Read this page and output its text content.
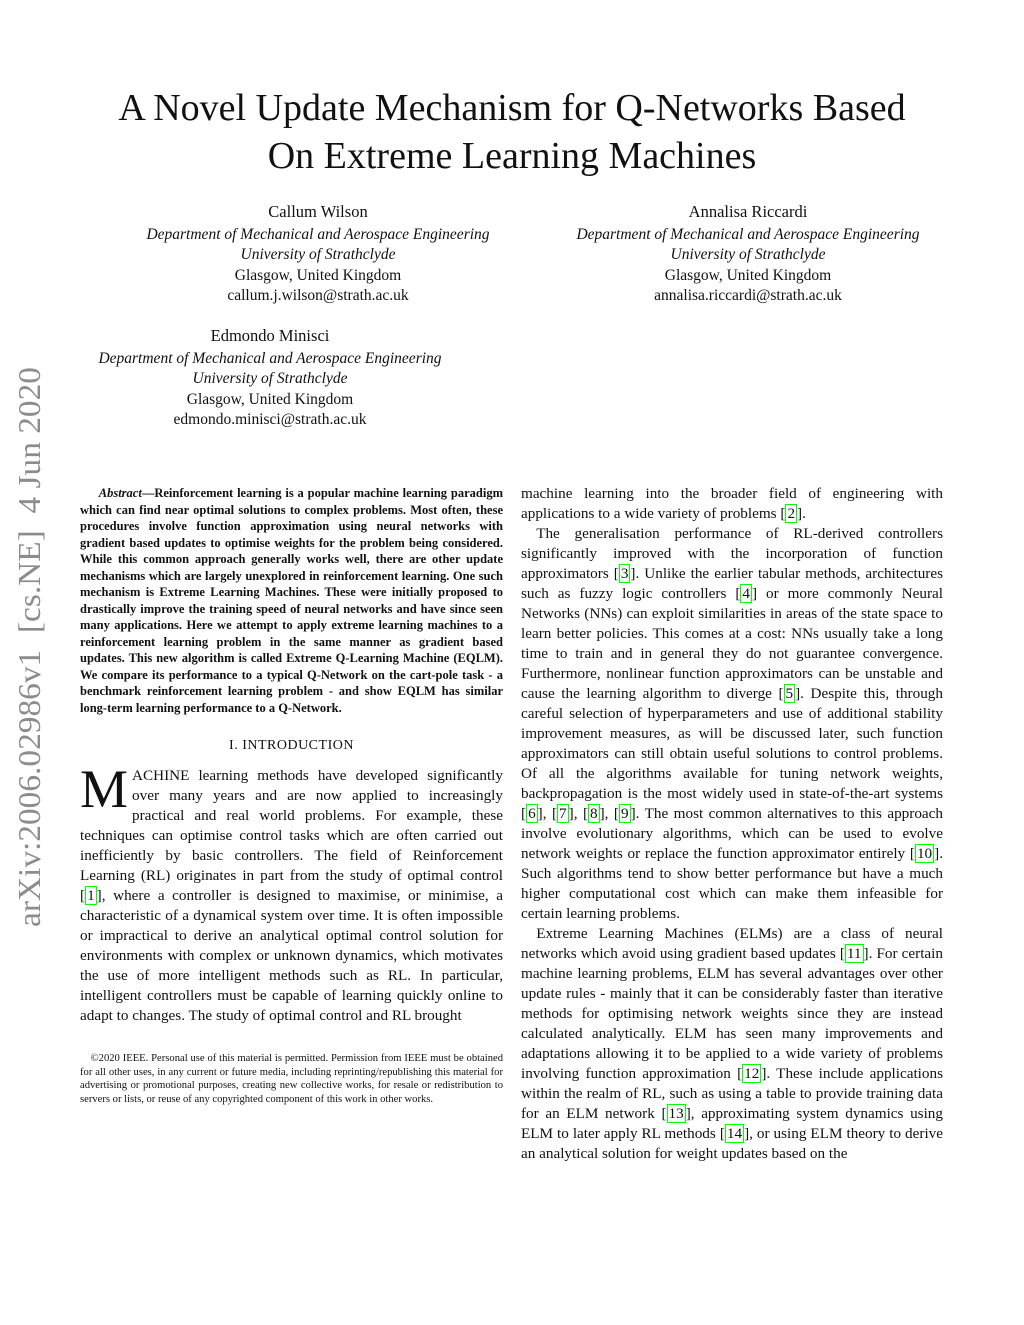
arXiv:2006.02986v1  [cs.NE]  4 Jun 2020
A Novel Update Mechanism for Q-Networks Based
On Extreme Learning Machines
Callum Wilson
Department of Mechanical and Aerospace Engineering
University of Strathclyde
Glasgow, United Kingdom
callum.j.wilson@strath.ac.uk
Annalisa Riccardi
Department of Mechanical and Aerospace Engineering
University of Strathclyde
Glasgow, United Kingdom
annalisa.riccardi@strath.ac.uk
Edmondo Minisci
Department of Mechanical and Aerospace Engineering
University of Strathclyde
Glasgow, United Kingdom
edmondo.minisci@strath.ac.uk

Abstract—Reinforcement learning is a popular machine learning paradigm which can find near optimal solutions to complex problems. Most often, these procedures involve function approximation using neural networks with gradient based updates to optimise weights for the problem being considered. While this common approach generally works well, there are other update mechanisms which are largely unexplored in reinforcement learning. One such mechanism is Extreme Learning Machines. These were initially proposed to drastically improve the training speed of neural networks and have since seen many applications. Here we attempt to apply extreme learning machines to a reinforcement learning problem in the same manner as gradient based updates. This new algorithm is called Extreme Q-Learning Machine (EQLM). We compare its performance to a typical Q-Network on the cart-pole task - a benchmark reinforcement learning problem - and show EQLM has similar long-term learning performance to a Q-Network.

I. INTRODUCTION

MACHINE learning methods have developed significantly over many years and are now applied to increasingly practical and real world problems. For example, these techniques can optimise control tasks which are often carried out inefficiently by basic controllers. The field of Reinforcement Learning (RL) originates in part from the study of optimal control [ 1 ], where a controller is designed to maximise, or minimise, a characteristic of a dynamical system over time. It is often impossible or impractical to derive an analytical optimal control solution for environments with complex or unknown dynamics, which motivates the use of more intelligent methods such as RL. In particular, intelligent controllers must be capable of learning quickly online to adapt to changes. The study of optimal control and RL brought

©2020 IEEE. Personal use of this material is permitted. Permission from IEEE must be obtained for all other uses, in any current or future media, including reprinting/republishing this material for advertising or promotional purposes, creating new collective works, for resale or redistribution to servers or lists, or reuse of any copyrighted component of this work in other works.

machine learning into the broader field of engineering with applications to a wide variety of problems [ 2 ].

The generalisation performance of RL-derived controllers significantly improved with the incorporation of function approximators [ 3 ]. Unlike the earlier tabular methods, architectures such as fuzzy logic controllers [ 4 ] or more commonly Neural Networks (NNs) can exploit similarities in areas of the state space to learn better policies. This comes at a cost: NNs usually take a long time to train and in general they do not guarantee convergence. Furthermore, nonlinear function approximators can be unstable and cause the learning algorithm to diverge [ 5 ]. Despite this, through careful selection of hyperparameters and use of additional stability improvement measures, as will be discussed later, such function approximators can still obtain useful solutions to control problems. Of all the algorithms available for tuning network weights, backpropagation is the most widely used in state-of-the-art systems [ 6 ], [ 7 ], [ 8 ], [ 9 ]. The most common alternatives to this approach involve evolutionary algorithms, which can be used to evolve network weights or replace the function approximator entirely [ 10 ]. Such algorithms tend to show better performance but have a much higher computational cost which can make them infeasible for certain learning problems.

Extreme Learning Machines (ELMs) are a class of neural networks which avoid using gradient based updates [ 11 ]. For certain machine learning problems, ELM has several advantages over other update rules - mainly that it can be considerably faster than iterative methods for optimising network weights since they are instead calculated analytically. ELM has seen many improvements and adaptations allowing it to be applied to a wide variety of problems involving function approximation [ 12 ]. These include applications within the realm of RL, such as using a table to provide training data for an ELM network [ 13 ], approximating system dynamics using ELM to later apply RL methods [ 14 ], or using ELM theory to derive an analytical solution for weight updates based on the
